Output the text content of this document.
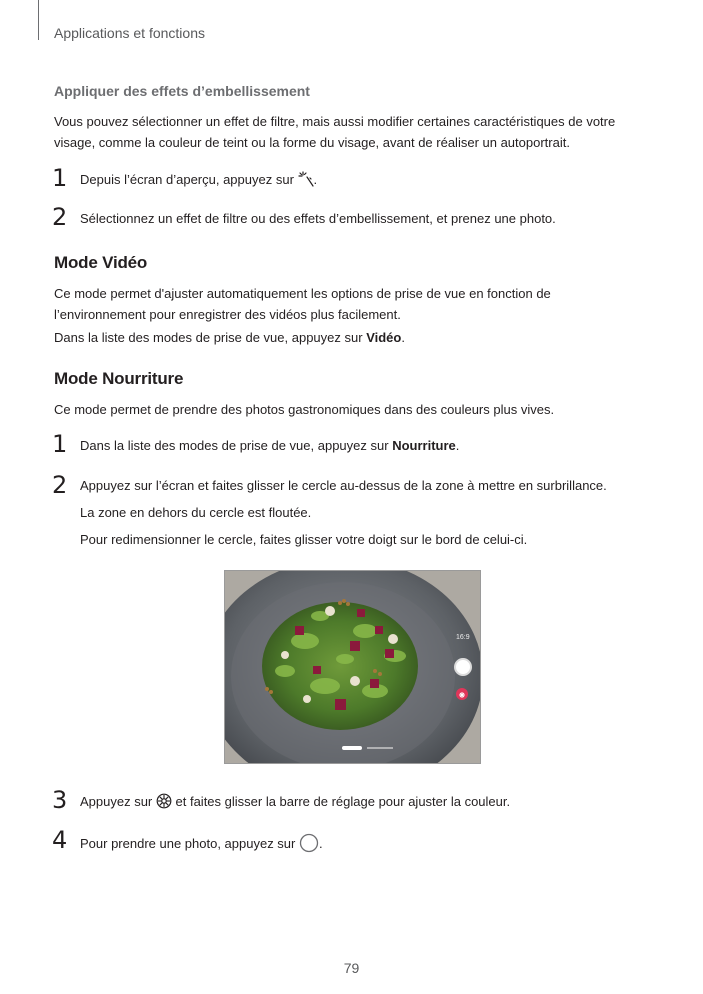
Applications et fonctions
Appliquer des effets d’embellissement
Vous pouvez sélectionner un effet de filtre, mais aussi modifier certaines caractéristiques de votre
visage, comme la couleur de teint ou la forme du visage, avant de réaliser un autoportrait.
1 Depuis l’écran d’aperçu, appuyez sur .
2 Sélectionnez un effet de filtre ou des effets d’embellissement, et prenez une photo.
Mode Vidéo
Ce mode permet d'ajuster automatiquement les options de prise de vue en fonction de
l’environnement pour enregistrer des vidéos plus facilement.
Dans la liste des modes de prise de vue, appuyez sur Vidéo.
Mode Nourriture
Ce mode permet de prendre des photos gastronomiques dans des couleurs plus vives.
1 Dans la liste des modes de prise de vue, appuyez sur Nourriture.
2 Appuyez sur l’écran et faites glisser le cercle au-dessus de la zone à mettre en surbrillance.
La zone en dehors du cercle est floutée.
Pour redimensionner le cercle, faites glisser votre doigt sur le bord de celui-ci.
16:9
3 Appuyez sur et faites glisser la barre de réglage pour ajuster la couleur.
4 Pour prendre une photo, appuyez sur .
79
